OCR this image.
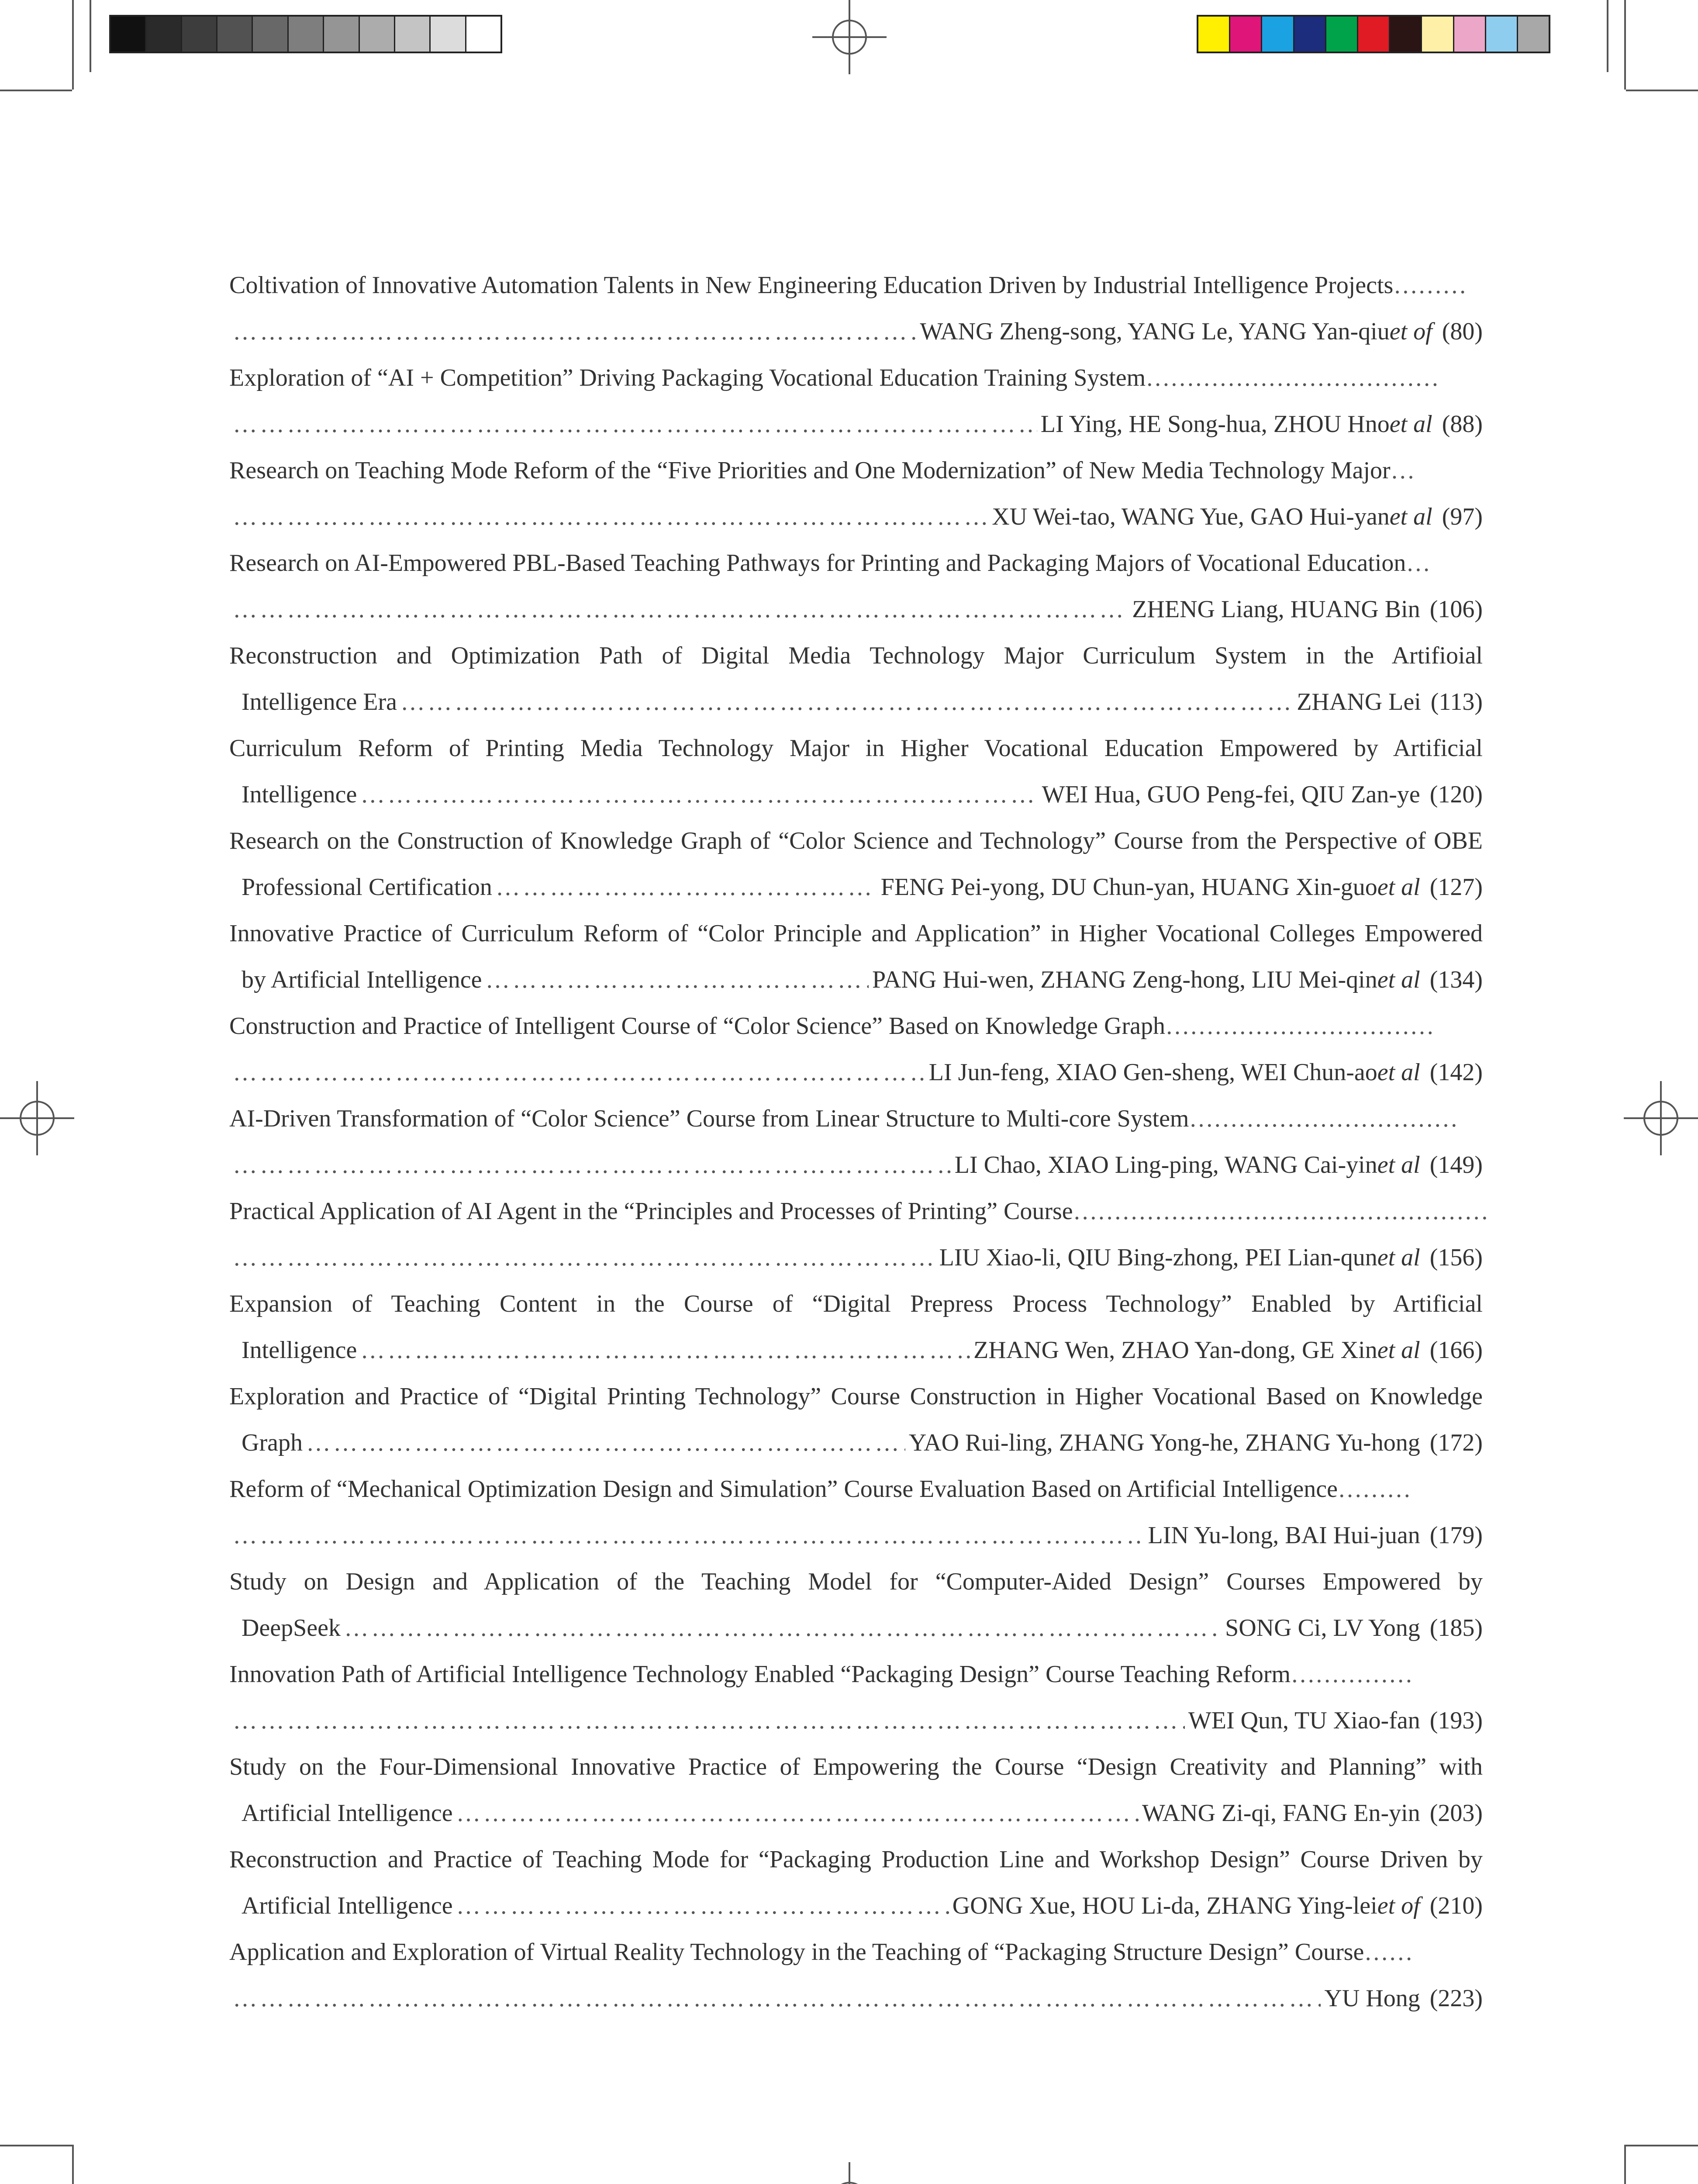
Coltivation of Innovative Automation Talents in New Engineering Education Driven by Industrial Intelligence Projects ………
……………………………………………………………………………………………………………………………………………………………………………………………………
WANG Zheng-song, YANG Le, YANG Yan-qiu et of (80)
Exploration of “AI + Competition” Driving Packaging Vocational Education Training System ………………………………
……………………………………………………………………………………………………………………………………………………………………………………………………
LI Ying, HE Song-hua, ZHOU Hno et al (88)
Research on Teaching Mode Reform of the “Five Priorities and One Modernization” of New Media Technology Major …
……………………………………………………………………………………………………………………………………………………………………………………………………
XU Wei-tao, WANG Yue, GAO Hui-yan et al (97)
Research on AI-Empowered PBL-Based Teaching Pathways for Printing and Packaging Majors of Vocational Education …
……………………………………………………………………………………………………………………………………………………………………………………………………
ZHENG Liang, HUANG Bin (106)
Reconstruction and Optimization Path of Digital Media Technology Major Curriculum System in the Artifioial
Intelligence Era ……………………………………………………………………………………………………………………………………………………………………………………………………	ZHANG Lei (113)
Curriculum Reform of Printing Media Technology Major in Higher Vocational Education Empowered by Artificial
Intelligence ……………………………………………………………………………………………………………………………………………………………………………………………………	WEI Hua, GUO Peng-fei, QIU Zan-ye (120)
Research on the Construction of Knowledge Graph of “Color Science and Technology” Course from the Perspective of OBE
Professional Certification ……………………………………………………………………………………………………………………………………………………………………………………………………	FENG Pei-yong, DU Chun-yan, HUANG Xin-guo et al (127)
Innovative Practice of Curriculum Reform of “Color Principle and Application” in Higher Vocational Colleges Empowered
by Artificial Intelligence ……………………………………………………………………………………………………………………………………………………………………………………………………	PANG Hui-wen, ZHANG Zeng-hong, LIU Mei-qin et al (134)
Construction and Practice of Intelligent Course of “Color Science” Based on Knowledge Graph ……………………………
……………………………………………………………………………………………………………………………………………………………………………………………………
LI Jun-feng, XIAO Gen-sheng, WEI Chun-ao et al (142)
AI-Driven Transformation of “Color Science” Course from Linear Structure to Multi-core System ……………………………
……………………………………………………………………………………………………………………………………………………………………………………………………
LI Chao, XIAO Ling-ping, WANG Cai-yin et al (149)
Practical Application of AI Agent in the “Principles and Processes of Printing” Course ……………………………………………
……………………………………………………………………………………………………………………………………………………………………………………………………
LIU Xiao-li, QIU Bing-zhong, PEI Lian-qun et al (156)
Expansion of Teaching Content in the Course of “Digital Prepress Process Technology” Enabled by Artificial
Intelligence ……………………………………………………………………………………………………………………………………………………………………………………………………	ZHANG Wen, ZHAO Yan-dong, GE Xin et al (166)
Exploration and Practice of “Digital Printing Technology” Course Construction in Higher Vocational Based on Knowledge
Graph ……………………………………………………………………………………………………………………………………………………………………………………………………	YAO Rui-ling, ZHANG Yong-he, ZHANG Yu-hong (172)
Reform of “Mechanical Optimization Design and Simulation” Course Evaluation Based on Artificial Intelligence ………
……………………………………………………………………………………………………………………………………………………………………………………………………
LIN Yu-long, BAI Hui-juan (179)
Study on Design and Application of the Teaching Model for “Computer-Aided Design” Courses Empowered by
DeepSeek ……………………………………………………………………………………………………………………………………………………………………………………………………	SONG Ci, LV Yong (185)
Innovation Path of Artificial Intelligence Technology Enabled “Packaging Design” Course Teaching Reform ……………
……………………………………………………………………………………………………………………………………………………………………………………………………
WEI Qun, TU Xiao-fan (193)
Study on the Four-Dimensional Innovative Practice of Empowering the Course “Design Creativity and Planning” with
Artificial Intelligence ……………………………………………………………………………………………………………………………………………………………………………………………………	WANG Zi-qi, FANG En-yin (203)
Reconstruction and Practice of Teaching Mode for “Packaging Production Line and Workshop Design” Course Driven by
Artificial Intelligence ……………………………………………………………………………………………………………………………………………………………………………………………………	GONG Xue, HOU Li-da, ZHANG Ying-lei et of (210)
Application and Exploration of Virtual Reality Technology in the Teaching of “Packaging Structure Design” Course ……
……………………………………………………………………………………………………………………………………………………………………………………………………
YU Hong (223)
